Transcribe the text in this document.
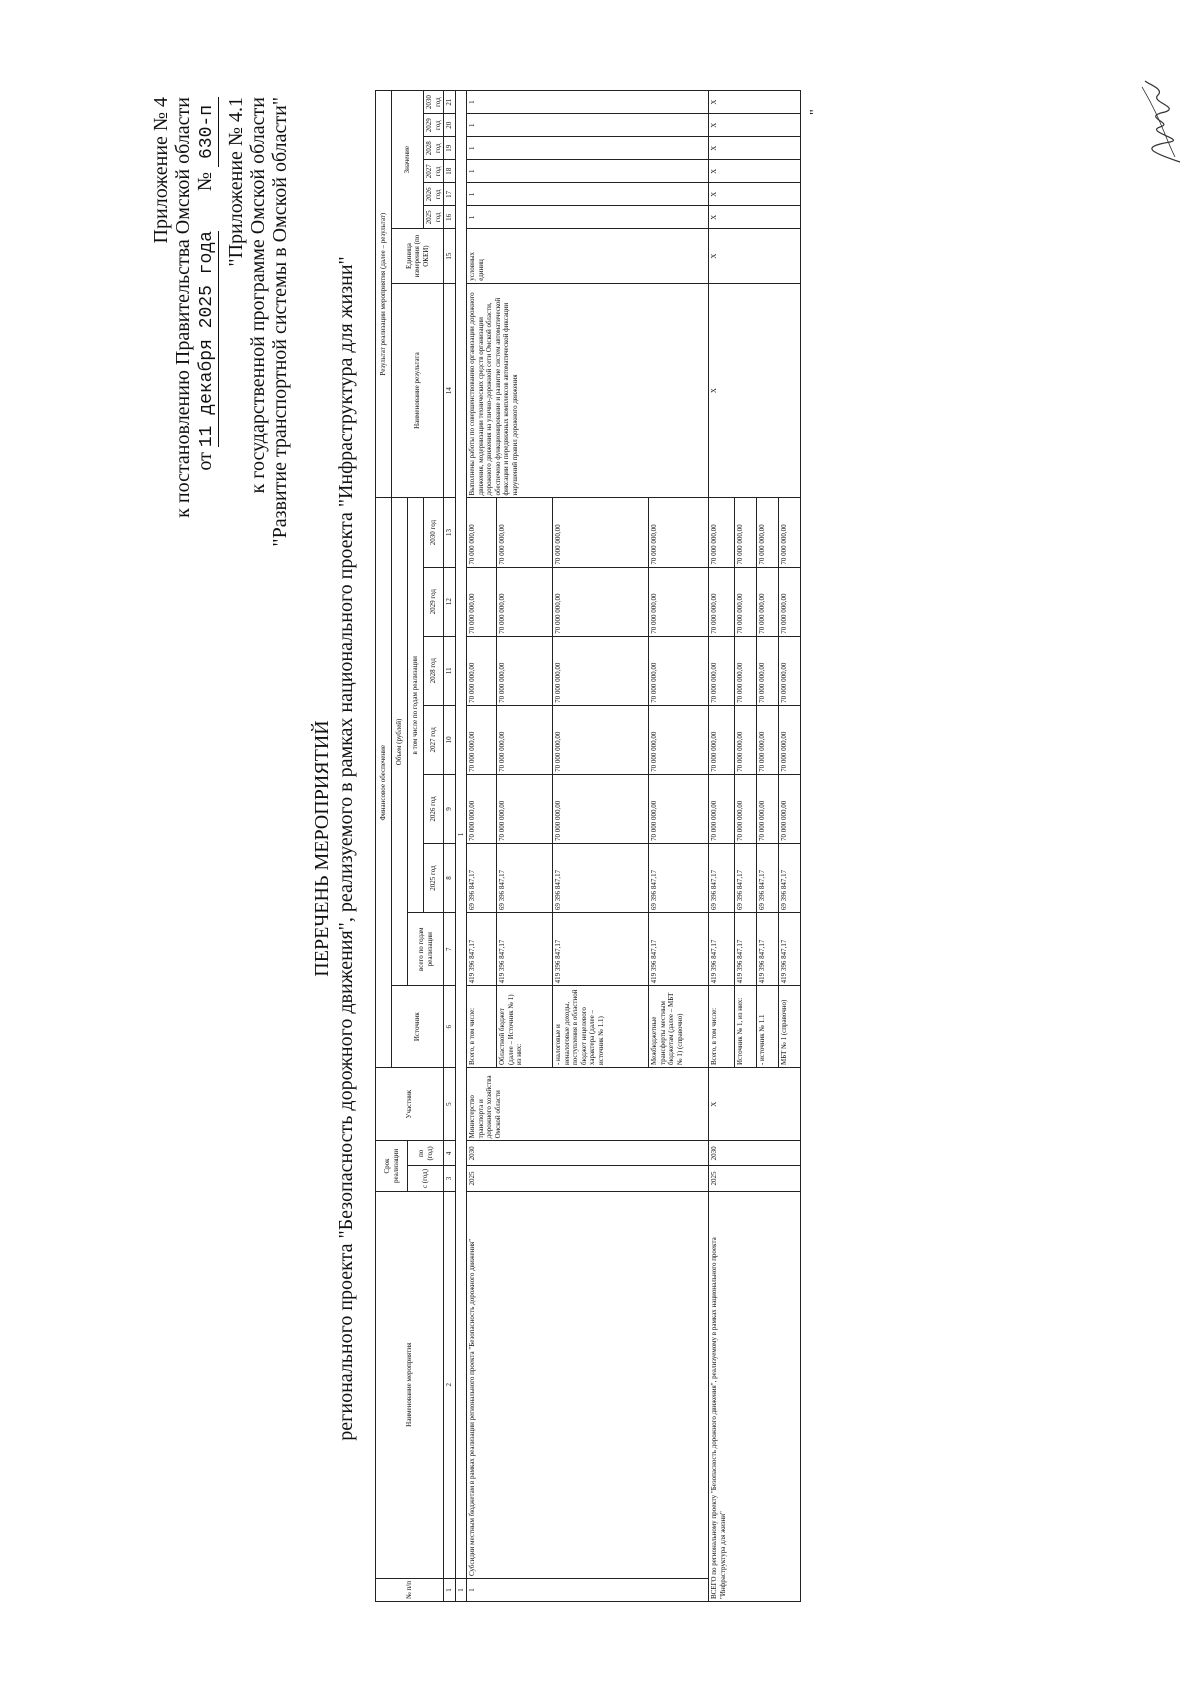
Приложение № 4 к постановлению Правительства Омской области от 11 декабря 2025 года        № 630-п "Приложение № 4.1 к государственной программе Омской области "Развитие транспортной системы в Омской области"
ПЕРЕЧЕНЬ МЕРОПРИЯТИЙ регионального проекта "Безопасность дорожного движения", реализуемого в рамках национального проекта "Инфраструктура для жизни"
№ п/п	Наименование мероприятия	Срок реализации		Участник	Финансовое обеспечение								Результат реализации мероприятия (далее – результат)							
					Источник	Объем (рублей)							Наименование результата	Единица измерения (по ОКЕИ)	Значение					
		с (год)	по (год)			всего по годам реализации	в том числе по годам реализации													
							2025 год	2026 год	2027 год	2028 год	2029 год	2030 год			2025 год	2026 год	2027 год	2028 год	2029 год	2030 год
1	2	3	4	5	6	7	8	9	10	11	12	13	14	15	16	17	18	19	20	21
1	1																			
1	Субсидии местным бюджетам в рамках реализации регионального проекта "Безопасность дорожного движения"	2025	2030	Министерство транспорта и дорожного хозяйства Омской области	Всего, в том числе:	419 396 847,17	69 396 847,17	70 000 000,00	70 000 000,00	70 000 000,00	70 000 000,00	70 000 000,00	Выполнены работы по совершенствованию организации дорожного движения, модернизации технических средств организации дорожного движения на улично-дорожной сети Омской области, обеспечено функционирование и развитие систем автоматической фиксации и передвижных комплексов автоматической фиксации нарушений правил дорожного движения	условных единиц	1	1	1	1	1	1
					Областной бюджет (далее – Источник № 1) из них:	419 396 847,17	69 396 847,17	70 000 000,00	70 000 000,00	70 000 000,00	70 000 000,00	70 000 000,00								
					- налоговые и неналоговые доходы, поступления в областной бюджет нецелевого характера (далее – источник № 1.1)	419 396 847,17	69 396 847,17	70 000 000,00	70 000 000,00	70 000 000,00	70 000 000,00	70 000 000,00								
					Межбюджетные трансферты местным бюджетам (далее – МБТ № 1) (справочно)	419 396 847,17	69 396 847,17	70 000 000,00	70 000 000,00	70 000 000,00	70 000 000,00	70 000 000,00								
ВСЕГО по региональному проекту "Безопасность дорожного движения", реализуемому в рамках национального проекта "Инфраструктура для жизни"		2025	2030	Х	Всего, в том числе:	419 396 847,17	69 396 847,17	70 000 000,00	70 000 000,00	70 000 000,00	70 000 000,00	70 000 000,00	Х	Х	Х	Х	Х	Х	Х	Х
					Источник № 1, из них:	419 396 847,17	69 396 847,17	70 000 000,00	70 000 000,00	70 000 000,00	70 000 000,00	70 000 000,00								
					- источник № 1.1	419 396 847,17	69 396 847,17	70 000 000,00	70 000 000,00	70 000 000,00	70 000 000,00	70 000 000,00								
					МБТ № 1 (справочно)	419 396 847,17	69 396 847,17	70 000 000,00	70 000 000,00	70 000 000,00	70 000 000,00	70 000 000,00								
"
